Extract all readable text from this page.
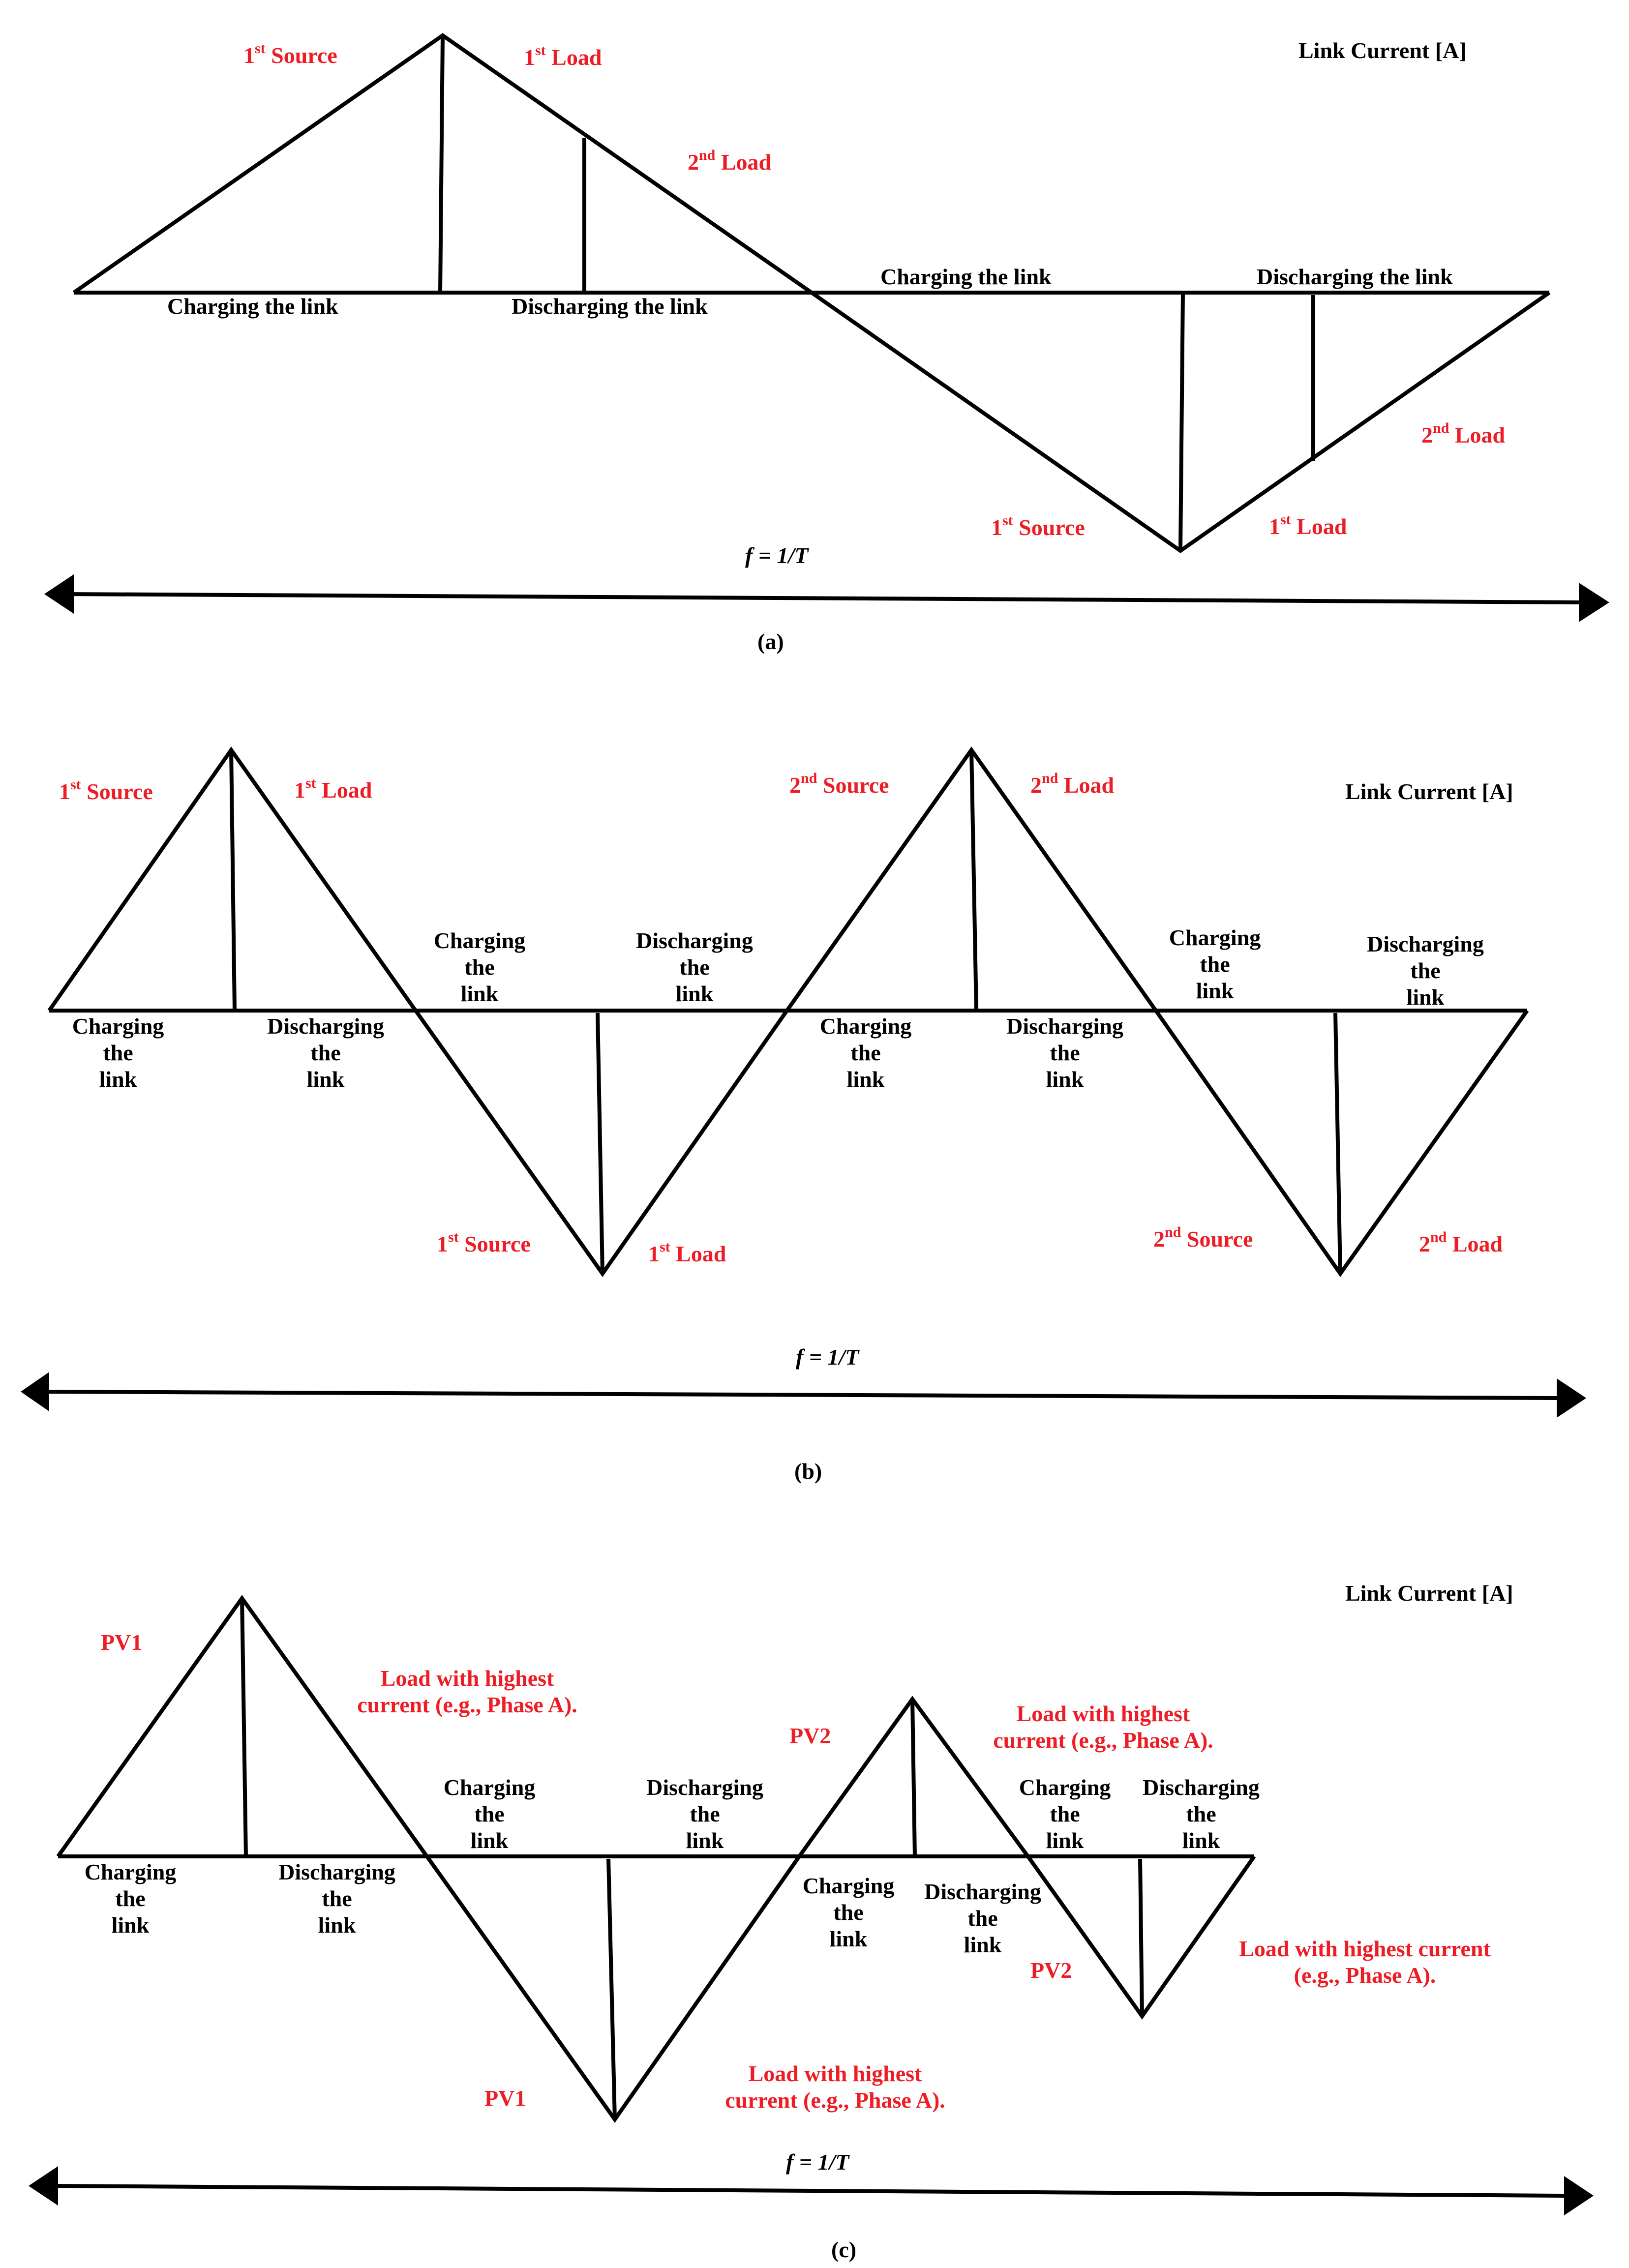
Link Current [A]
1st Source	1st Load
2nd Load
1st Source	1st Load
2nd Load
Charging the link	Discharging the link
Charging the link	Discharging the link
f = 1/T
(a)
Link Current [A]
1st Source	1st Load	2nd Source	2nd Load
1st Source	1st Load
2nd Source	2nd Load
Charging the link
Discharging the link
Charging the link
Discharging the link
Charging the link
Discharging the link
Charging the link
Discharging the link
f = 1/T
(b)
Link Current [A]
PV1
Load with highest current (e.g., Phase A).
PV2
Load with highest current (e.g., Phase A).
PV1
Load with highest current (e.g., Phase A).
PV2
Load with highest current (e.g., Phase A).
Charging the link
Discharging the link
Charging the link
Discharging the link
Charging the link
Discharging the link
Charging the link
Discharging the link
f = 1/T
(c)
